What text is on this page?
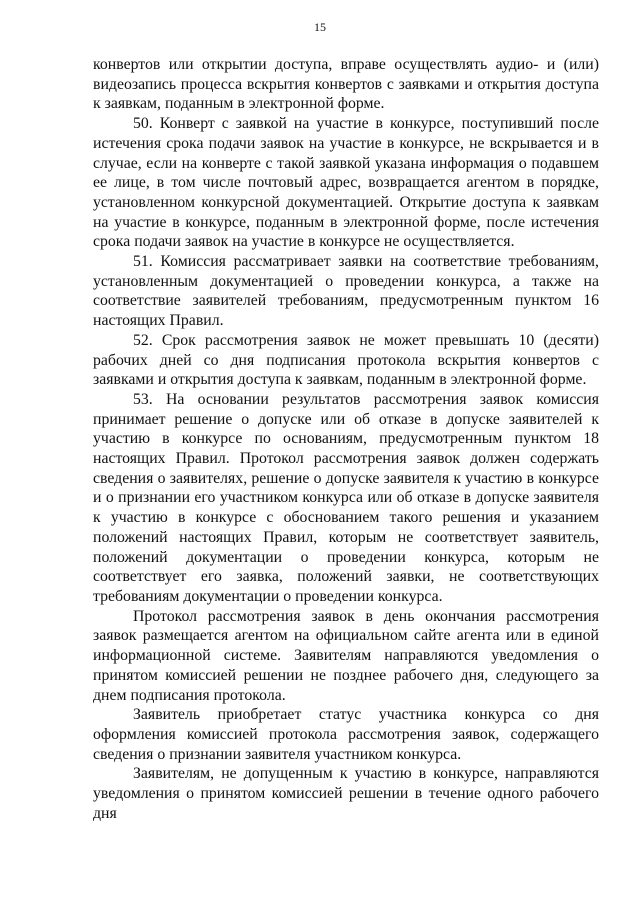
15

конвертов или открытии доступа, вправе осуществлять аудио- и (или) видеозапись процесса вскрытия конвертов с заявками и открытия доступа к заявкам, поданным в электронной форме.

50. Конверт с заявкой на участие в конкурсе, поступивший после истечения срока подачи заявок на участие в конкурсе, не вскрывается и в случае, если на конверте с такой заявкой указана информация о подавшем ее лице, в том числе почтовый адрес, возвращается агентом в порядке, установленном конкурсной документацией. Открытие доступа к заявкам на участие в конкурсе, поданным в электронной форме, после истечения срока подачи заявок на участие в конкурсе не осуществляется.

51. Комиссия рассматривает заявки на соответствие требованиям, установленным документацией о проведении конкурса, а также на соответствие заявителей требованиям, предусмотренным пунктом 16 настоящих Правил.

52. Срок рассмотрения заявок не может превышать 10 (десяти) рабочих дней со дня подписания протокола вскрытия конвертов с заявками и открытия доступа к заявкам, поданным в электронной форме.

53. На основании результатов рассмотрения заявок комиссия принимает решение о допуске или об отказе в допуске заявителей к участию в конкурсе по основаниям, предусмотренным пунктом 18 настоящих Правил. Протокол рассмотрения заявок должен содержать сведения о заявителях, решение о допуске заявителя к участию в конкурсе и о признании его участником конкурса или об отказе в допуске заявителя к участию в конкурсе с обоснованием такого решения и указанием положений настоящих Правил, которым не соответствует заявитель, положений документации о проведении конкурса, которым не соответствует его заявка, положений заявки, не соответствующих требованиям документации о проведении конкурса.

Протокол рассмотрения заявок в день окончания рассмотрения заявок размещается агентом на официальном сайте агента или в единой информационной системе. Заявителям направляются уведомления о принятом комиссией решении не позднее рабочего дня, следующего за днем подписания протокола.

Заявитель приобретает статус участника конкурса со дня оформления комиссией протокола рассмотрения заявок, содержащего сведения о признании заявителя участником конкурса.

Заявителям, не допущенным к участию в конкурсе, направляются уведомления о принятом комиссией решении в течение одного рабочего дня
